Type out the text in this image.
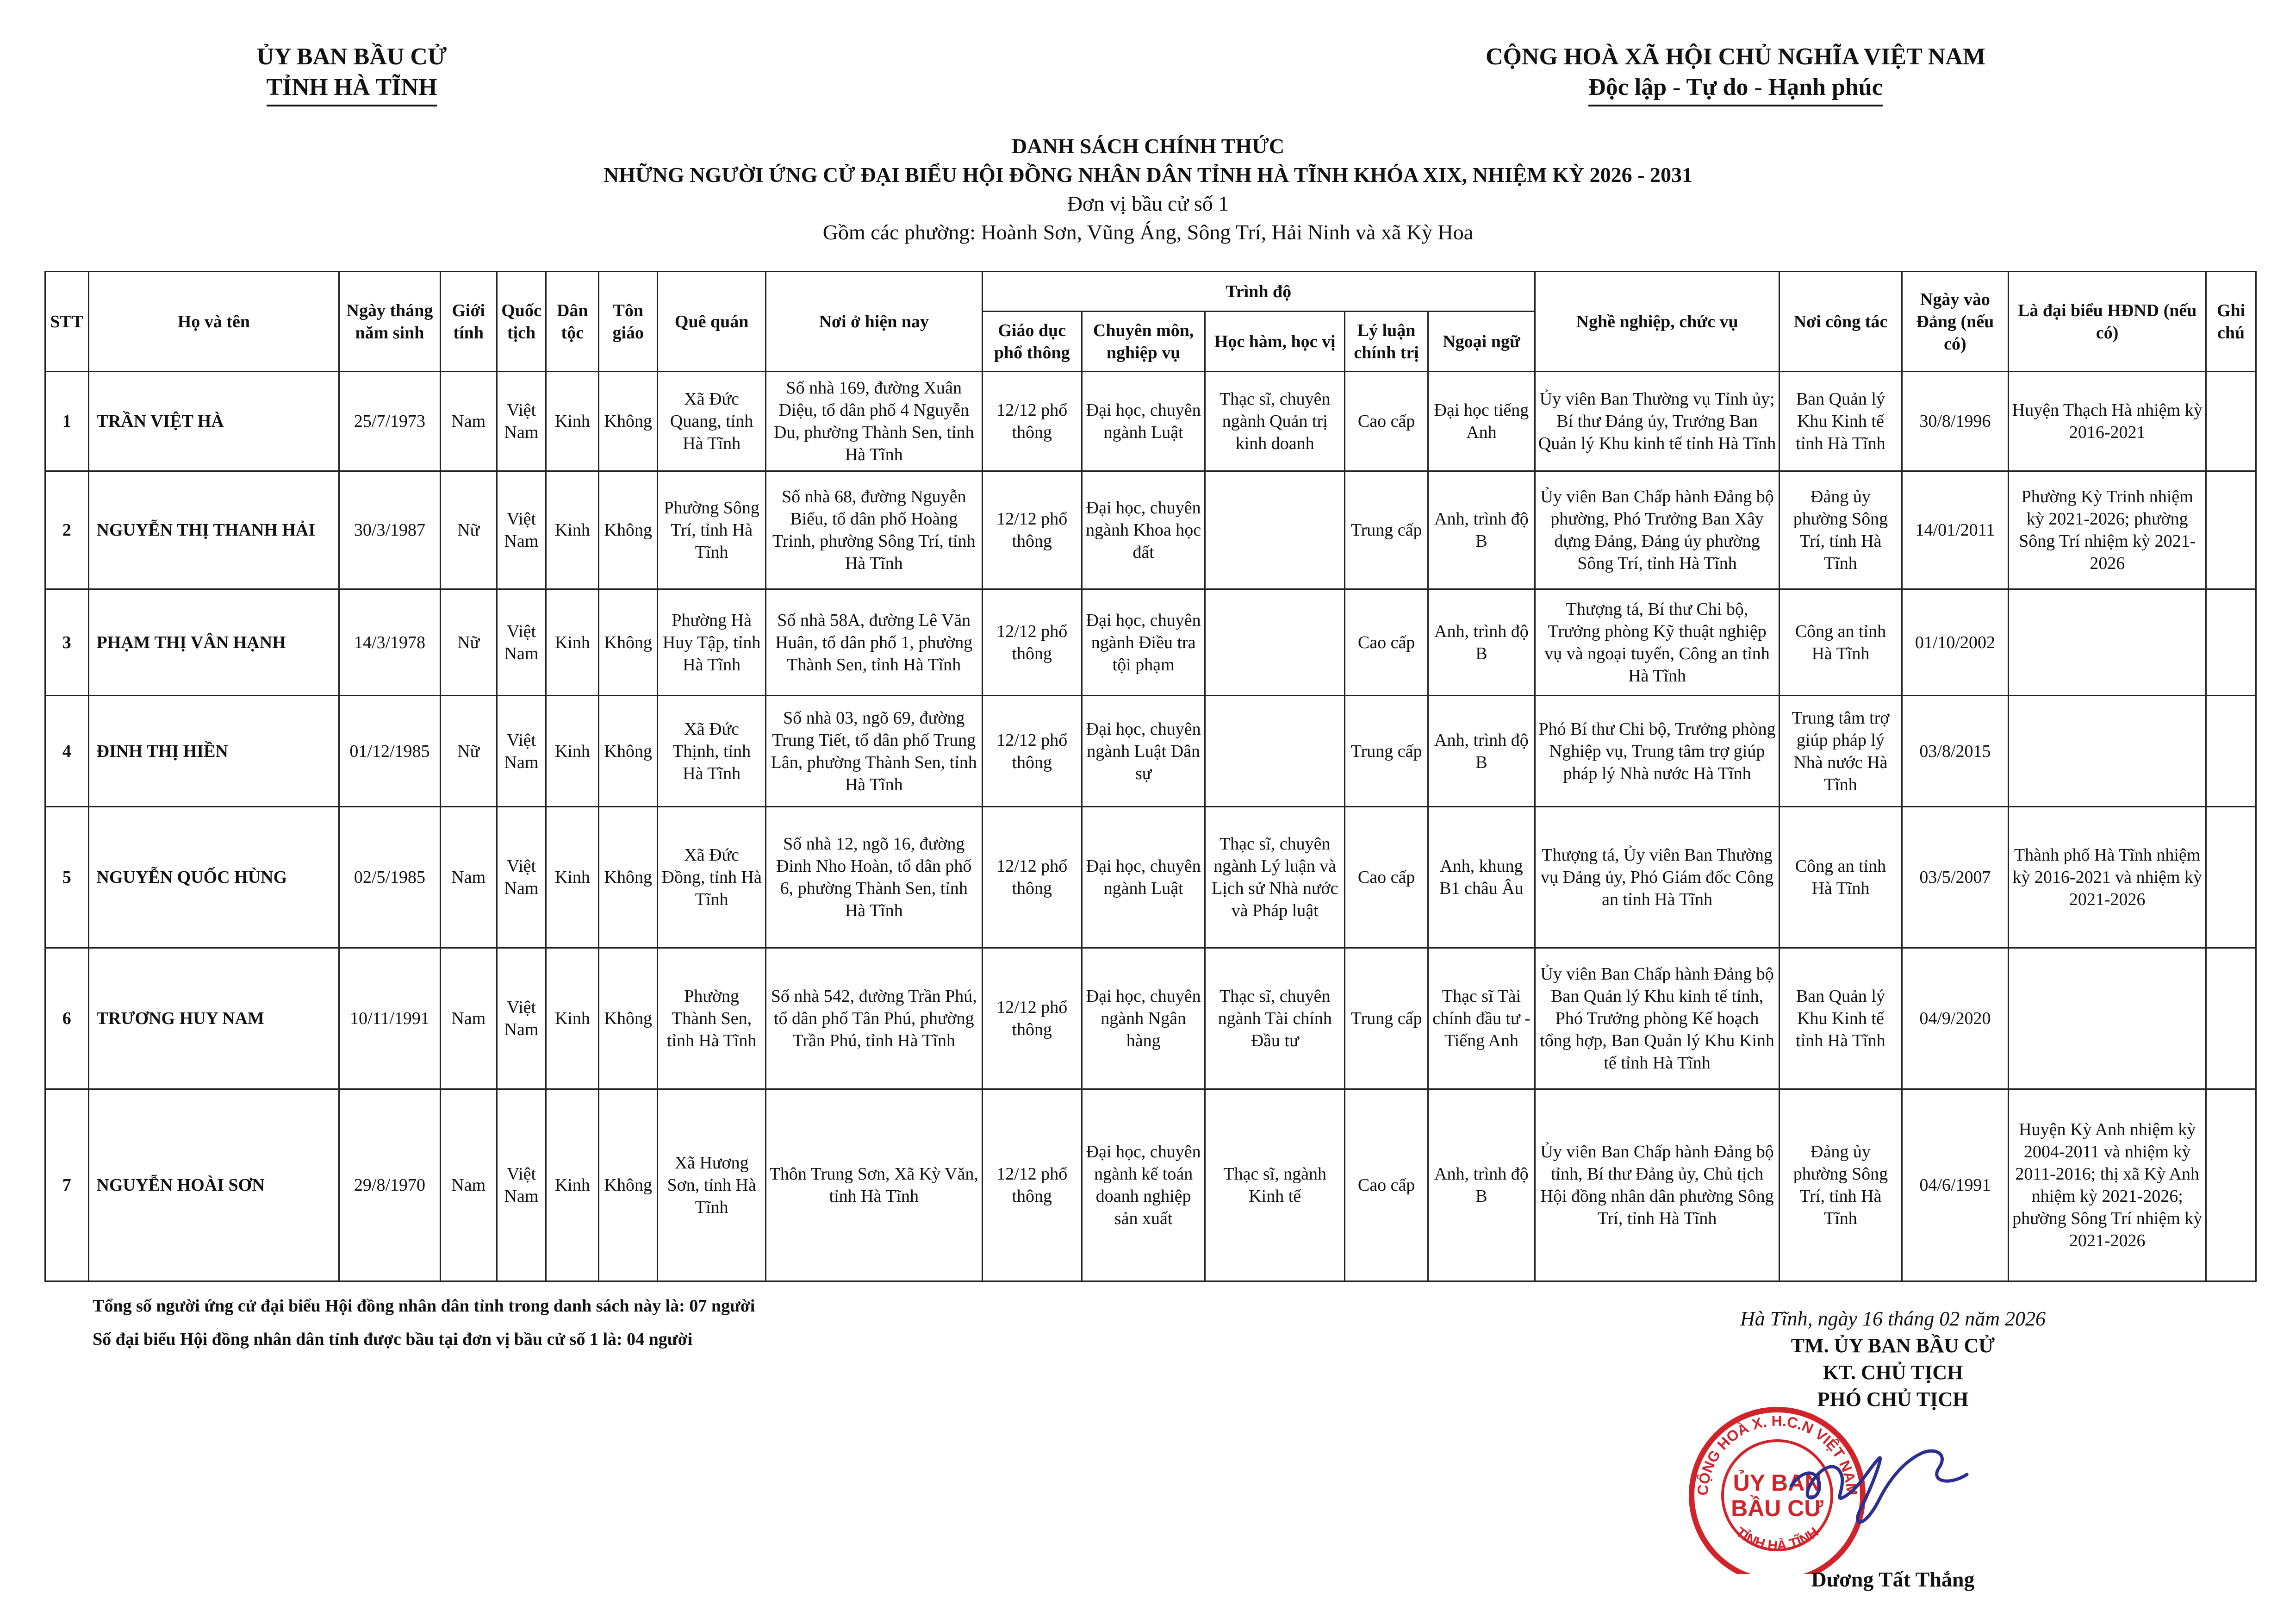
ỦY BAN BẦU CỬ
TỈNH HÀ TĨNH
CỘNG HOÀ XÃ HỘI CHỦ NGHĨA VIỆT NAM
Độc lập - Tự do - Hạnh phúc
DANH SÁCH CHÍNH THỨC
NHỮNG NGƯỜI ỨNG CỬ ĐẠI BIỂU HỘI ĐỒNG NHÂN DÂN TỈNH HÀ TĨNH KHÓA XIX, NHIỆM KỲ 2026 - 2031
Đơn vị bầu cử số 1
Gồm các phường: Hoành Sơn, Vũng Áng, Sông Trí, Hải Ninh và xã Kỳ Hoa
STT	Họ và tên	Ngày tháng năm sinh	Giới tính	Quốc tịch	Dân tộc	Tôn giáo	Quê quán	Nơi ở hiện nay	Trình độ					Nghề nghiệp, chức vụ	Nơi công tác	Ngày vào Đảng (nếu có)	Là đại biểu HĐND (nếu có)	Ghi chú
									Giáo dục phổ thông	Chuyên môn, nghiệp vụ	Học hàm, học vị	Lý luận chính trị	Ngoại ngữ					
1	TRẦN VIỆT HÀ	25/7/1973	Nam	Việt Nam	Kinh	Không	Xã Đức Quang, tỉnh Hà Tĩnh	Số nhà 169, đường Xuân Diệu, tổ dân phố 4 Nguyễn Du, phường Thành Sen, tỉnh Hà Tĩnh	12/12 phổ thông	Đại học, chuyên ngành Luật	Thạc sĩ, chuyên ngành Quản trị kinh doanh	Cao cấp	Đại học tiếng Anh	Ủy viên Ban Thường vụ Tỉnh ủy; Bí thư Đảng ủy, Trưởng Ban Quản lý Khu kinh tế tỉnh Hà Tĩnh	Ban Quản lý Khu Kinh tế tỉnh Hà Tĩnh	30/8/1996	Huyện Thạch Hà nhiệm kỳ 2016-2021	
2	NGUYỄN THỊ THANH HẢI	30/3/1987	Nữ	Việt Nam	Kinh	Không	Phường Sông Trí, tỉnh Hà Tĩnh	Số nhà 68, đường Nguyễn Biểu, tổ dân phố Hoàng Trinh, phường Sông Trí, tỉnh Hà Tĩnh	12/12 phổ thông	Đại học, chuyên ngành Khoa học đất		Trung cấp	Anh, trình độ B	Ủy viên Ban Chấp hành Đảng bộ phường, Phó Trưởng Ban Xây dựng Đảng, Đảng ủy phường Sông Trí, tỉnh Hà Tĩnh	Đảng ủy phường Sông Trí, tỉnh Hà Tĩnh	14/01/2011	Phường Kỳ Trinh nhiệm kỳ 2021-2026; phường Sông Trí nhiệm kỳ 2021-2026	
3	PHẠM THỊ VÂN HẠNH	14/3/1978	Nữ	Việt Nam	Kinh	Không	Phường Hà Huy Tập, tỉnh Hà Tĩnh	Số nhà 58A, đường Lê Văn Huân, tổ dân phố 1, phường Thành Sen, tỉnh Hà Tĩnh	12/12 phổ thông	Đại học, chuyên ngành Điều tra tội phạm		Cao cấp	Anh, trình độ B	Thượng tá, Bí thư Chi bộ, Trưởng phòng Kỹ thuật nghiệp vụ và ngoại tuyến, Công an tỉnh Hà Tĩnh	Công an tỉnh Hà Tĩnh	01/10/2002		
4	ĐINH THỊ HIỀN	01/12/1985	Nữ	Việt Nam	Kinh	Không	Xã Đức Thịnh, tỉnh Hà Tĩnh	Số nhà 03, ngõ 69, đường Trung Tiết, tổ dân phố Trung Lân, phường Thành Sen, tỉnh Hà Tĩnh	12/12 phổ thông	Đại học, chuyên ngành Luật Dân sự		Trung cấp	Anh, trình độ B	Phó Bí thư Chi bộ, Trưởng phòng Nghiệp vụ, Trung tâm trợ giúp pháp lý Nhà nước Hà Tĩnh	Trung tâm trợ giúp pháp lý Nhà nước Hà Tĩnh	03/8/2015		
5	NGUYỄN QUỐC HÙNG	02/5/1985	Nam	Việt Nam	Kinh	Không	Xã Đức Đồng, tỉnh Hà Tĩnh	Số nhà 12, ngõ 16, đường Đinh Nho Hoàn, tổ dân phố 6, phường Thành Sen, tỉnh Hà Tĩnh	12/12 phổ thông	Đại học, chuyên ngành Luật	Thạc sĩ, chuyên ngành Lý luận và Lịch sử Nhà nước và Pháp luật	Cao cấp	Anh, khung B1 châu Âu	Thượng tá, Ủy viên Ban Thường vụ Đảng ủy, Phó Giám đốc Công an tỉnh Hà Tĩnh	Công an tỉnh Hà Tĩnh	03/5/2007	Thành phố Hà Tĩnh nhiệm kỳ 2016-2021 và nhiệm kỳ 2021-2026	
6	TRƯƠNG HUY NAM	10/11/1991	Nam	Việt Nam	Kinh	Không	Phường Thành Sen, tỉnh Hà Tĩnh	Số nhà 542, đường Trần Phú, tổ dân phố Tân Phú, phường Trần Phú, tỉnh Hà Tĩnh	12/12 phổ thông	Đại học, chuyên ngành Ngân hàng	Thạc sĩ, chuyên ngành Tài chính Đầu tư	Trung cấp	Thạc sĩ Tài chính đầu tư - Tiếng Anh	Ủy viên Ban Chấp hành Đảng bộ Ban Quản lý Khu kinh tế tỉnh, Phó Trưởng phòng Kế hoạch tổng hợp, Ban Quản lý Khu Kinh tế tỉnh Hà Tĩnh	Ban Quản lý Khu Kinh tế tỉnh Hà Tĩnh	04/9/2020		
7	NGUYỄN HOÀI SƠN	29/8/1970	Nam	Việt Nam	Kinh	Không	Xã Hương Sơn, tỉnh Hà Tĩnh	Thôn Trung Sơn, Xã Kỳ Văn, tỉnh Hà Tĩnh	12/12 phổ thông	Đại học, chuyên ngành kế toán doanh nghiệp sản xuất	Thạc sĩ, ngành Kinh tế	Cao cấp	Anh, trình độ B	Ủy viên Ban Chấp hành Đảng bộ tỉnh, Bí thư Đảng ủy, Chủ tịch Hội đồng nhân dân phường Sông Trí, tỉnh Hà Tĩnh	Đảng ủy phường Sông Trí, tỉnh Hà Tĩnh	04/6/1991	Huyện Kỳ Anh nhiệm kỳ 2004-2011 và nhiệm kỳ 2011-2016; thị xã Kỳ Anh nhiệm kỳ 2021-2026; phường Sông Trí nhiệm kỳ 2021-2026	
Tổng số người ứng cử đại biểu Hội đồng nhân dân tỉnh trong danh sách này là: 07 người
Số đại biểu Hội đồng nhân dân tỉnh được bầu tại đơn vị bầu cử số 1 là: 04 người
Hà Tĩnh, ngày 16 tháng 02 năm 2026
TM. ỦY BAN BẦU CỬ
KT. CHỦ TỊCH
PHÓ CHỦ TỊCH
CỘNG HOÀ X. H.C.N VIỆT NAM
TỈNH HÀ TĨNH
ỦY BAN
BẦU CỬ
Dương Tất Thắng
